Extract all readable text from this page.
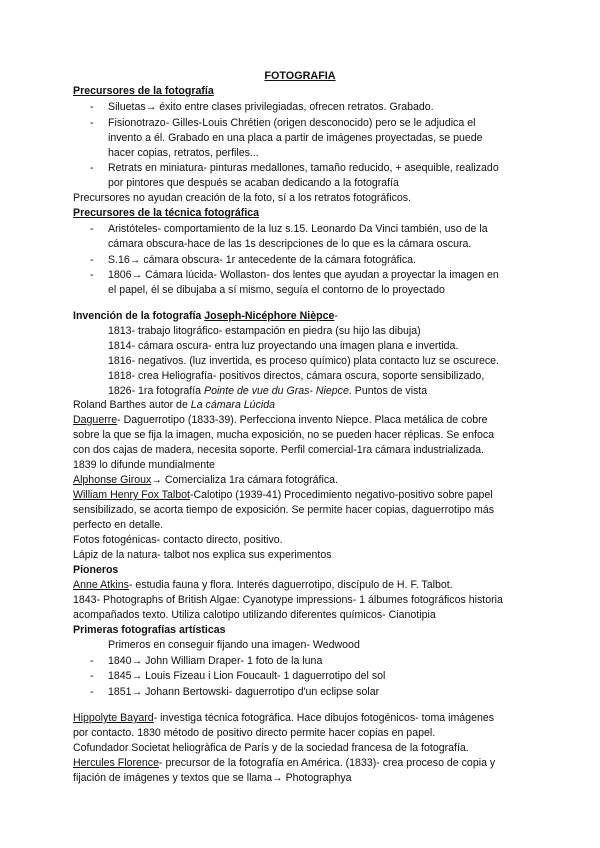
FOTOGRAFIA
Precursores de la fotografía
- Siluetas→ éxito entre clases privilegiadas, ofrecen retratos. Grabado.
- Fisionotrazo- Gilles-Louis Chrétien (origen desconocido) pero se le adjudica el
invento a él. Grabado en una placa a partir de imágenes proyectadas, se puede
hacer copias, retratos, perfiles...
- Retrats en miniatura- pinturas medallones, tamaño reducido, + asequible, realizado
por pintores que después se acaban dedicando a la fotografía
Precursores no ayudan creación de la foto, sí a los retratos fotográficos.
Precursores de la técnica fotográfica
- Aristóteles- comportamiento de la luz s.15. Leonardo Da Vinci también, uso de la
cámara obscura-hace de las 1s descripciones de lo que es la cámara oscura.
- S.16→ cámara obscura- 1r antecedente de la cámara fotográfica.
- 1806→ Cámara lúcida- Wollaston- dos lentes que ayudan a proyectar la imagen en
el papel, él se dibujaba a sí mismo, seguía el contorno de lo proyectado
Invención de la fotografía Joseph-Nicéphore Nièpce-
1813- trabajo litográfico- estampación en piedra (su hijo las dibuja)
1814- cámara oscura- entra luz proyectando una imagen plana e invertida.
1816- negativos. (luz invertida, es proceso químico) plata contacto luz se oscurece.
1818- crea Heliografía- positivos directos, cámara oscura, soporte sensibilizado,
1826- 1ra fotografía Pointe de vue du Gras- Niepce. Puntos de vista
Roland Barthes autor de La cámara Lúcida
Daguerre- Daguerrotipo (1833-39). Perfecciona invento Niepce. Placa metálica de cobre
sobre la que se fija la imagen, mucha exposición, no se pueden hacer réplicas. Se enfoca
con dos cajas de madera, necesita soporte. Perfil comercial-1ra cámara industrializada.
1839 lo difunde mundialmente
Alphonse Giroux→ Comercializa 1ra cámara fotográfica.
William Henry Fox Talbot-Calotipo (1939-41) Procedimiento negativo-positivo sobre papel
sensibilizado, se acorta tiempo de exposición. Se permite hacer copias, daguerrotipo más
perfecto en detalle.
Fotos fotogénicas- contacto directo, positivo.
Lápiz de la natura- talbot nos explica sus experimentos
Pioneros
Anne Atkins- estudia fauna y flora. Interés daguerrotipo, discípulo de H. F. Talbot.
1843- Photographs of British Algae: Cyanotype impressions- 1 álbumes fotográficos historia
acompañados texto. Utiliza calotipo utilizando diferentes químicos- Cianotipia
Primeras fotografías artísticas
Primeros en conseguir fijando una imagen- Wedwood
- 1840→ John William Draper- 1 foto de la luna
- 1845→ Louis Fizeau i Lion Foucault- 1 daguerrotipo del sol
- 1851→ Johann Bertowski- daguerrotipo d'un eclipse solar
Hippolyte Bayard- investiga técnica fotográfica. Hace dibujos fotogénicos- toma imágenes
por contacto. 1830 método de positivo directo permite hacer copias en papel.
Cofundador Societat heliogràfica de París y de la sociedad francesa de la fotografía.
Hercules Florence- precursor de la fotografía en América. (1833)- crea proceso de copia y
fijación de imágenes y textos que se llama→ Photographya
